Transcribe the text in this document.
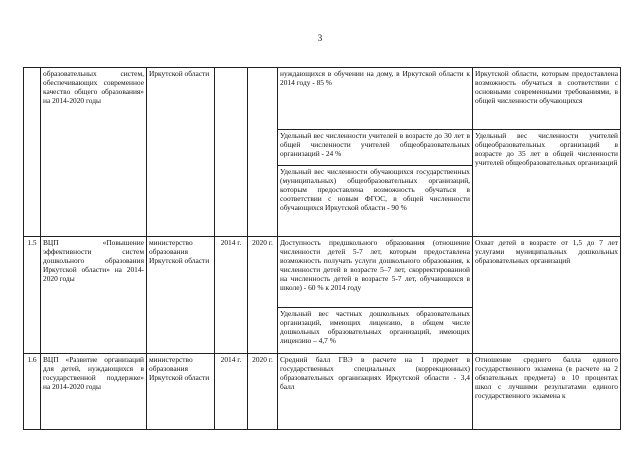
3
	образовательных систем, обеспечивающих современное качество общего образования» на 2014-2020 годы	Иркутской области			нуждающихся в обучении на дому, в Иркутской области к 2014 году - 85 %	Иркутской области, которым предоставлена возможность обучаться в соответствии с основными современными требованиями, в общей численности обучающихся
					Удельный вес численности учителей в возрасте до 30 лет в общей численности учителей общеобразовательных организаций - 24 %	Удельный вес численности учителей общеобразовательных организаций в возрасте до 35 лет в общей численности учителей общеобразовательных организаций
					Удельный вес численности обучающихся государственных (муниципальных) общеобразовательных организаций, которым предоставлена возможность обучаться в соответствии с новым ФГОС, в общей численности обучающихся Иркутской области - 90 %	
1.5	ВЦП «Повышение эффективности систем дошкольного образования Иркутской области» на 2014-2020 годы	министерство образования Иркутской области	2014 г.	2020 г.	Доступность предшкольного образования (отношение численности детей 5-7 лет, которым предоставлена возможность получать услуги дошкольного образования, к численности детей в возрасте 5–7 лет, скорректированной на численность детей в возрасте 5-7 лет, обучающихся в школе) - 60 % к 2014 году	Охват детей в возрасте от 1,5 до 7 лет услугами муниципальных дошкольных образовательных организаций
					Удельный вес частных дошкольных образовательных организаций, имеющих лицензию, в общем числе дошкольных образовательных организаций, имеющих лицензию – 4,7 %	
1.6	ВЦП «Развитие организаций для детей, нуждающихся в государственной поддержке» на 2014-2020 годы	министерство образования Иркутской области	2014 г.	2020 г.	Средний балл ГВЭ в расчете на 1 предмет в государственных специальных (коррекционных) образовательных организациях Иркутской области - 3,4 балл	Отношение среднего балла единого государственного экзамена (в расчете на 2 обязательных предмета) в 10 процентах школ с лучшими результатами единого государственного экзамена к
